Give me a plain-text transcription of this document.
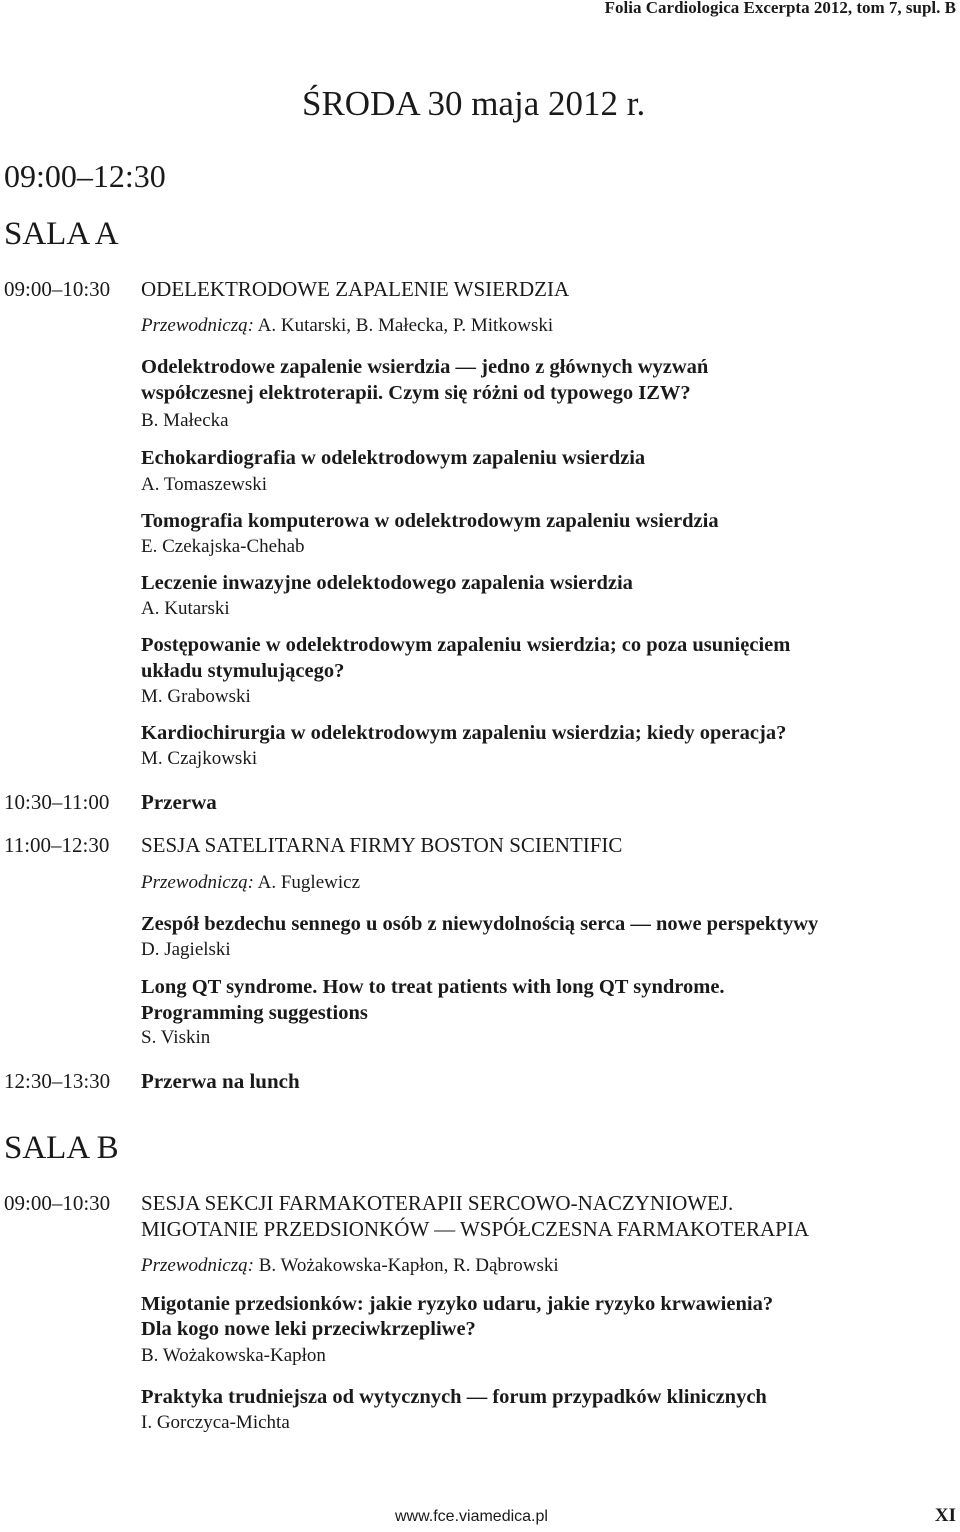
Folia Cardiologica Excerpta 2012, tom 7, supl. B
ŚRODA 30 maja 2012 r.
09:00–12:30
SALA A
09:00–10:30 ODELEKTRODOWE ZAPALENIE WSIERDZIA
Przewodniczą: A. Kutarski, B. Małecka, P. Mitkowski
Odelektrodowe zapalenie wsierdzia — jedno z głównych wyzwań
współczesnej elektroterapii. Czym się różni od typowego IZW?
B. Małecka
Echokardiografia w odelektrodowym zapaleniu wsierdzia
A. Tomaszewski
Tomografia komputerowa w odelektrodowym zapaleniu wsierdzia
E. Czekajska-Chehab
Leczenie inwazyjne odelektodowego zapalenia wsierdzia
A. Kutarski
Postępowanie w odelektrodowym zapaleniu wsierdzia; co poza usunięciem
układu stymulującego?
M. Grabowski
Kardiochirurgia w odelektrodowym zapaleniu wsierdzia; kiedy operacja?
M. Czajkowski
10:30–11:00 Przerwa
11:00–12:30 SESJA SATELITARNA FIRMY BOSTON SCIENTIFIC
Przewodniczą: A. Fuglewicz
Zespół bezdechu sennego u osób z niewydolnością serca — nowe perspektywy
D. Jagielski
Long QT syndrome. How to treat patients with long QT syndrome.
Programming suggestions
S. Viskin
12:30–13:30 Przerwa na lunch
SALA B
09:00–10:30 SESJA SEKCJI FARMAKOTERAPII SERCOWO-NACZYNIOWEJ.
MIGOTANIE PRZEDSIONKÓW — WSPÓŁCZESNA FARMAKOTERAPIA
Przewodniczą: B. Wożakowska-Kapłon, R. Dąbrowski
Migotanie przedsionków: jakie ryzyko udaru, jakie ryzyko krwawienia?
Dla kogo nowe leki przeciwkrzepliwe?
B. Wożakowska-Kapłon
Praktyka trudniejsza od wytycznych — forum przypadków klinicznych
I. Gorczyca-Michta
www.fce.viamedica.pl	XI
